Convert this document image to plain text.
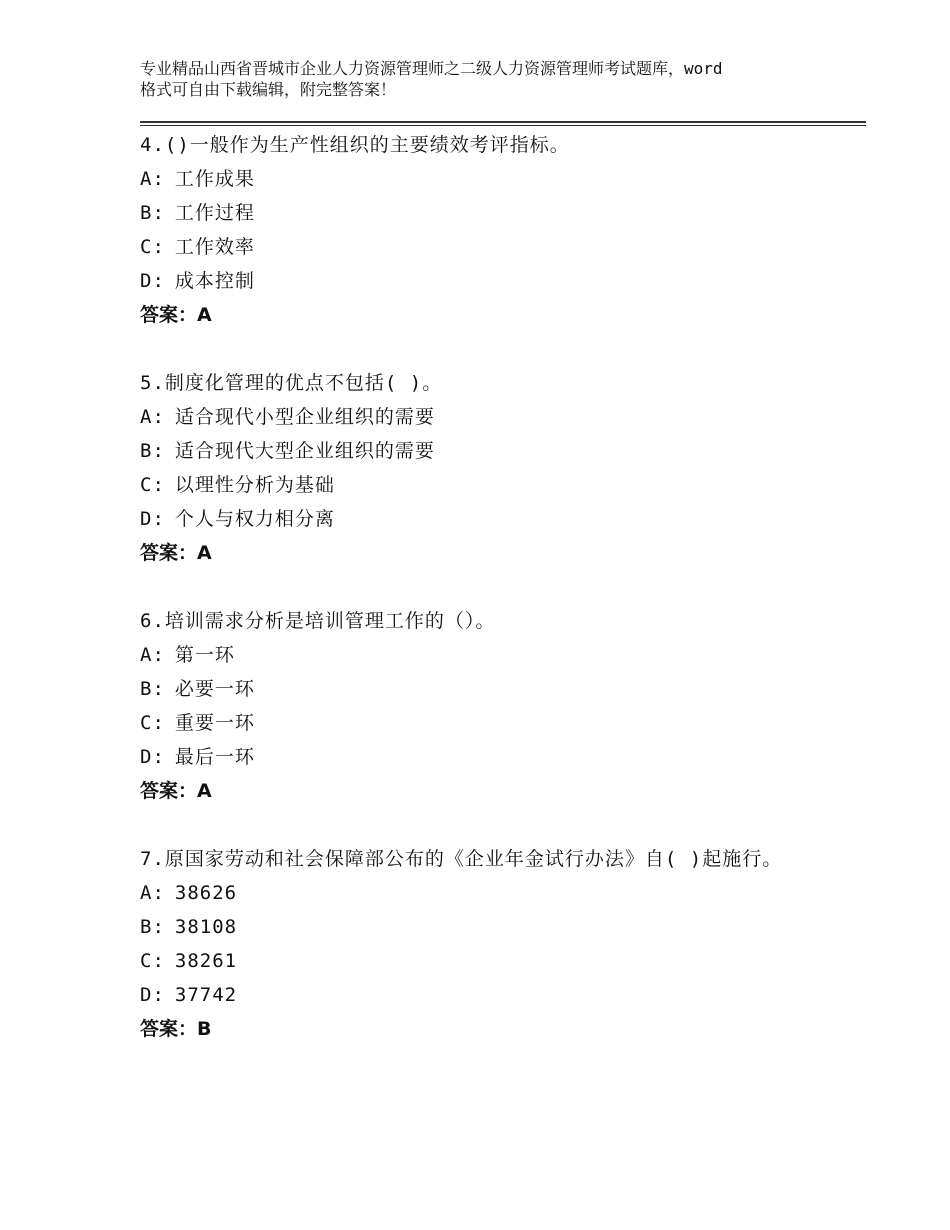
专业精品山西省晋城市企业人力资源管理师之二级人力资源管理师考试题库，word
格式可自由下载编辑，附完整答案！
4.()一般作为生产性组织的主要绩效考评指标。
A: 工作成果
B: 工作过程
C: 工作效率
D: 成本控制
答案：A
5.制度化管理的优点不包括( )。
A: 适合现代小型企业组织的需要
B: 适合现代大型企业组织的需要
C: 以理性分析为基础
D: 个人与权力相分离
答案：A
6.培训需求分析是培训管理工作的（）。
A: 第一环
B: 必要一环
C: 重要一环
D: 最后一环
答案：A
7.原国家劳动和社会保障部公布的《企业年金试行办法》自( )起施行。
A: 38626
B: 38108
C: 38261
D: 37742
答案：B
